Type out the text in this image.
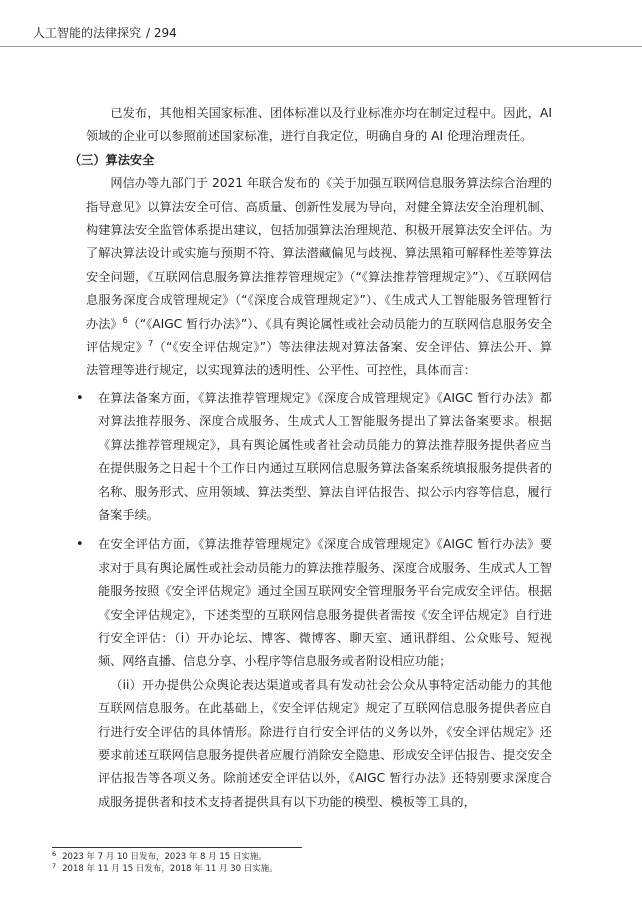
人工智能的法律探究 / 294

已发布，其他相关国家标准、团体标准以及行业标准亦均在制定过程中。因此，AI领域的企业可以参照前述国家标准，进行自我定位，明确自身的 AI 伦理治理责任。

（三）算法安全

网信办等九部门于 2021 年联合发布的《关于加强互联网信息服务算法综合治理的指导意见》以算法安全可信、高质量、创新性发展为导向，对健全算法安全治理机制、构建算法安全监管体系提出建议，包括加强算法治理规范、积极开展算法安全评估。为了解决算法设计或实施与预期不符、算法潜藏偏见与歧视、算法黑箱可解释性差等算法安全问题，《互联网信息服务算法推荐管理规定》（“《算法推荐管理规定》”）、《互联网信息服务深度合成管理规定》（“《深度合成管理规定》”）、《生成式人工智能服务管理暂行办法》$^6$（“《AIGC 暂行办法》”）、《具有舆论属性或社会动员能力的互联网信息服务安全评估规定》$^7$（“《安全评估规定》”）等法律法规对算法备案、安全评估、算法公开、算法管理等进行规定，以实现算法的透明性、公平性、可控性，具体而言：

• 在算法备案方面，《算法推荐管理规定》《深度合成管理规定》《AIGC 暂行办法》都对算法推荐服务、深度合成服务、生成式人工智能服务提出了算法备案要求。根据《算法推荐管理规定》，具有舆论属性或者社会动员能力的算法推荐服务提供者应当在提供服务之日起十个工作日内通过互联网信息服务算法备案系统填报服务提供者的名称、服务形式、应用领域、算法类型、算法自评估报告、拟公示内容等信息，履行备案手续。
• 在安全评估方面，《算法推荐管理规定》《深度合成管理规定》《AIGC 暂行办法》要求对于具有舆论属性或社会动员能力的算法推荐服务、深度合成服务、生成式人工智能服务按照《安全评估规定》通过全国互联网安全管理服务平台完成安全评估。根据《安全评估规定》，下述类型的互联网信息服务提供者需按《安全评估规定》自行进行安全评估：（i）开办论坛、博客、微博客、聊天室、通讯群组、公众账号、短视频、网络直播、信息分享、小程序等信息服务或者附设相应功能；

（ii）开办提供公众舆论表达渠道或者具有发动社会公众从事特定活动能力的其他互联网信息服务。在此基础上，《安全评估规定》规定了互联网信息服务提供者应自行进行安全评估的具体情形。除进行自行安全评估的义务以外，《安全评估规定》还要求前述互联网信息服务提供者应履行消除安全隐患、形成安全评估报告、提交安全评估报告等各项义务。除前述安全评估以外，《AIGC 暂行办法》还特别要求深度合成服务提供者和技术支持者提供具有以下功能的模型、模板等工具的，

$^6$ 2023 年 7 月 10 日发布，2023 年 8 月 15 日实施。
$^7$ 2018 年 11 月 15 日发布，2018 年 11 月 30 日实施。
